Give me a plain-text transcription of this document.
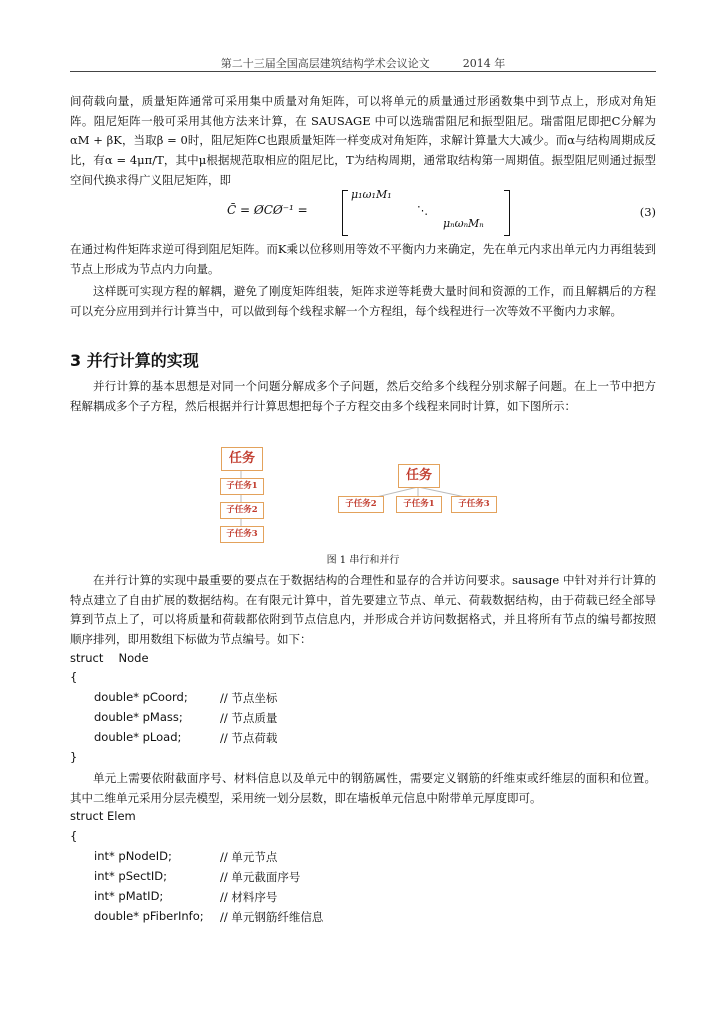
第二十三届全国高层建筑结构学术会议论文　　　2014 年

间荷载向量，质量矩阵通常可采用集中质量对角矩阵，可以将单元的质量通过形函数集中到节点上，形成对角矩阵。阻尼矩阵一般可采用其他方法来计算，在 SAUSAGE 中可以选瑞雷阻尼和振型阻尼。瑞雷阻尼即把C分解为αM + βK，当取β = 0时，阻尼矩阵C也跟质量矩阵一样变成对角矩阵，求解计算量大大减少。而α与结构周期成反比，有α = 4μπ/T，其中μ根据规范取相应的阻尼比，T为结构周期，通常取结构第一周期值。振型阻尼则通过振型空间代换求得广义阻尼矩阵，即

C̄ = ØCØ⁻¹ =
μ₁ω₁M₁
⋱
μₙωₙMₙ
(3)

在通过构件矩阵求逆可得到阻尼矩阵。而K乘以位移则用等效不平衡内力来确定，先在单元内求出单元内力再组装到节点上形成为节点内力向量。

这样既可实现方程的解耦，避免了刚度矩阵组装，矩阵求逆等耗费大量时间和资源的工作，而且解耦后的方程可以充分应用到并行计算当中，可以做到每个线程求解一个方程组，每个线程进行一次等效不平衡内力求解。

3 并行计算的实现

并行计算的基本思想是对同一个问题分解成多个子问题，然后交给多个线程分别求解子问题。在上一节中把方程解耦成多个子方程，然后根据并行计算思想把每个子方程交由多个线程来同时计算，如下图所示：

任务
子任务1
子任务2
子任务3
任务
子任务2	子任务1	子任务3
图 1 串行和并行

在并行计算的实现中最重要的要点在于数据结构的合理性和显存的合并访问要求。sausage 中针对并行计算的特点建立了自由扩展的数据结构。在有限元计算中，首先要建立节点、单元、荷载数据结构，由于荷载已经全部导算到节点上了，可以将质量和荷载都依附到节点信息内，并形成合并访问数据格式，并且将所有节点的编号都按照顺序排列，即用数组下标做为节点编号。如下：

struct　 Node
{
double* pCoord;	// 节点坐标
double* pMass;	// 节点质量
double* pLoad;	// 节点荷载
}

单元上需要依附截面序号、材料信息以及单元中的钢筋属性，需要定义钢筋的纤维束或纤维层的面积和位置。其中二维单元采用分层壳模型，采用统一划分层数，即在墙板单元信息中附带单元厚度即可。

struct Elem
{
int* pNodeID;	// 单元节点
int* pSectID;	// 单元截面序号
int* pMatID;	// 材料序号
double* pFiberInfo; // 单元钢筋纤维信息
